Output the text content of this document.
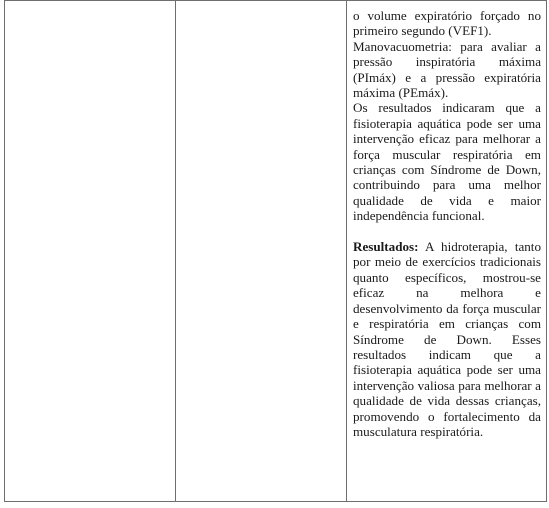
o volume expiratório forçado no primeiro segundo (VEF1).

Manovacuometria: para avaliar a pressão inspiratória máxima (PImáx) e a pressão expiratória máxima (PEmáx).

Os resultados indicaram que a fisioterapia aquática pode ser uma intervenção eficaz para melhorar a força muscular respiratória em crianças com Síndrome de Down, contribuindo para uma melhor qualidade de vida e maior independência funcional.

Resultados: A hidroterapia, tanto por meio de exercícios tradicionais quanto específicos, mostrou-se eficaz na melhora e desenvolvimento da força muscular e respiratória em crianças com Síndrome de Down. Esses resultados indicam que a fisioterapia aquática pode ser uma intervenção valiosa para melhorar a qualidade de vida dessas crianças, promovendo o fortalecimento da musculatura respiratória.
